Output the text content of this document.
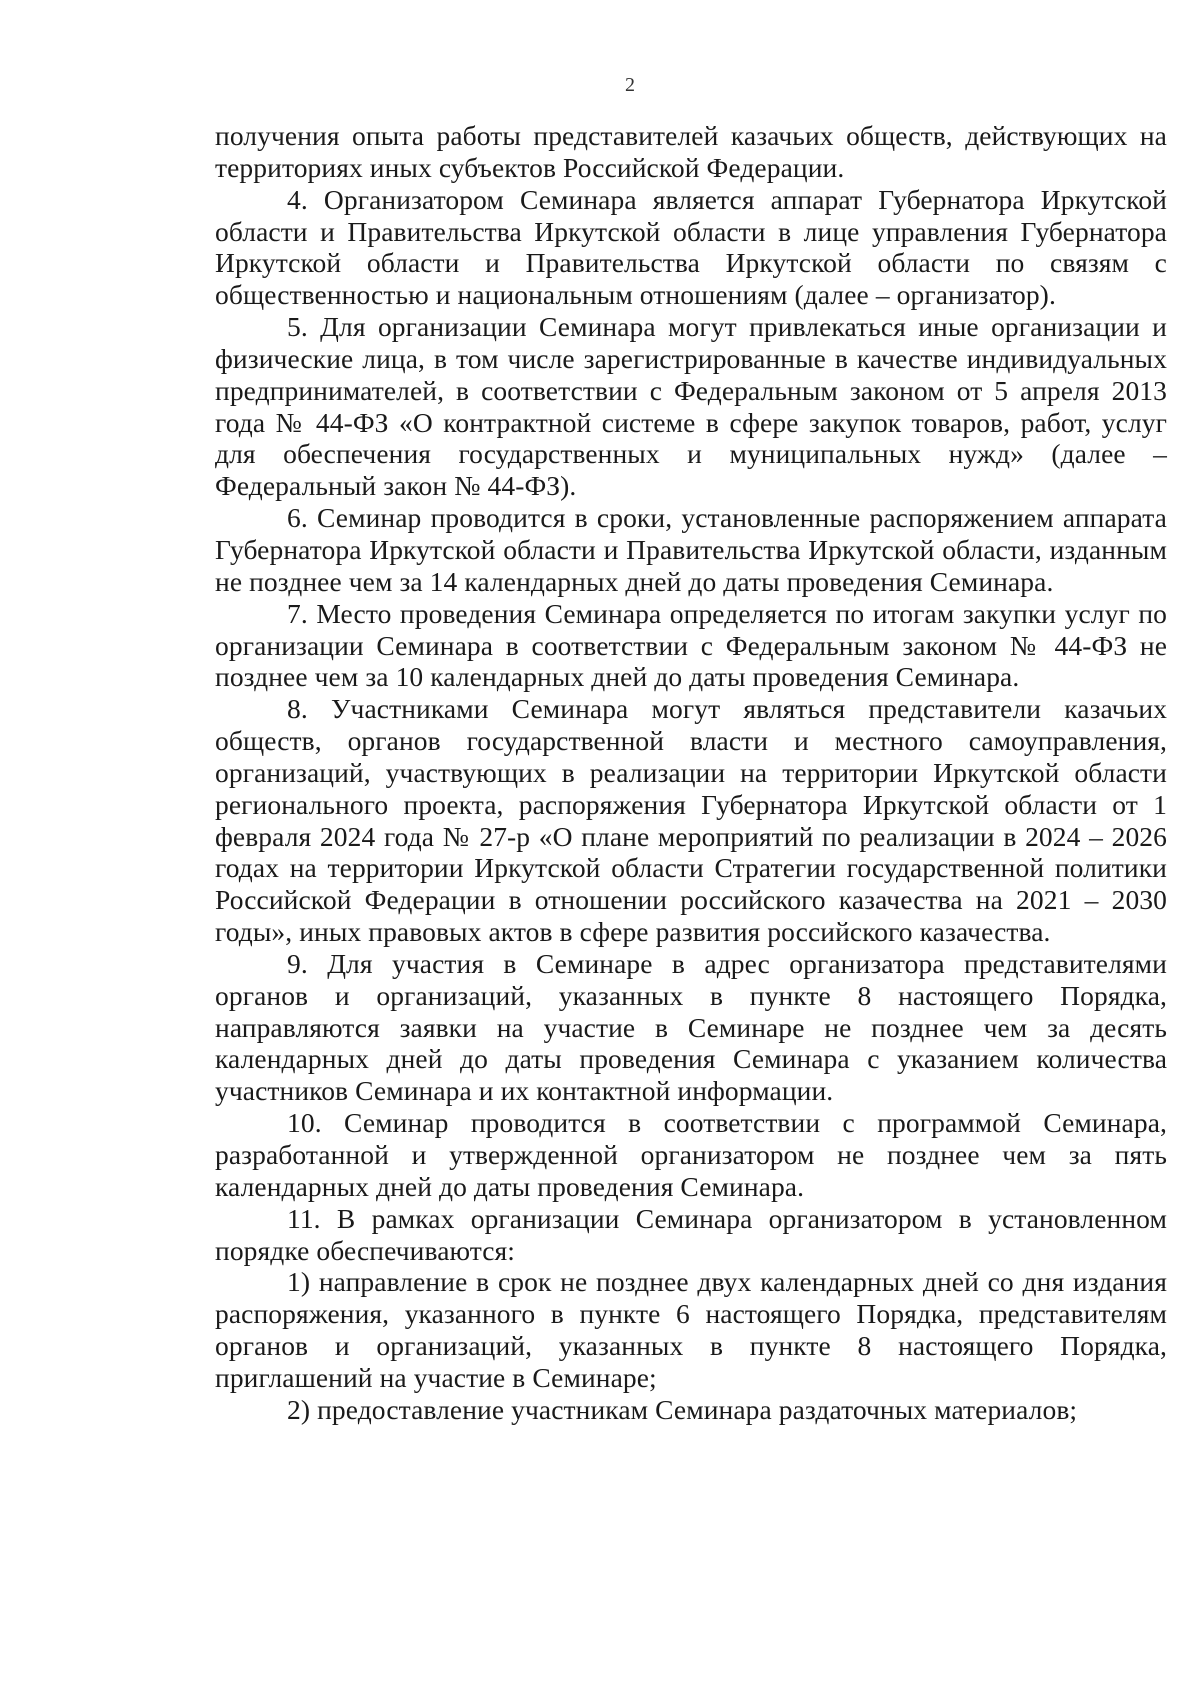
2

получения опыта работы представителей казачьих обществ, действующих на территориях иных субъектов Российской Федерации.

4. Организатором Семинара является аппарат Губернатора Иркутской области и Правительства Иркутской области в лице управления Губернатора Иркутской области и Правительства Иркутской области по связям с общественностью и национальным отношениям (далее – организатор).

5. Для организации Семинара могут привлекаться иные организации и физические лица, в том числе зарегистрированные в качестве индивидуальных предпринимателей, в соответствии с Федеральным законом от 5 апреля 2013 года № 44-ФЗ «О контрактной системе в сфере закупок товаров, работ, услуг для обеспечения государственных и муниципальных нужд» (далее – Федеральный закон № 44-ФЗ).

6. Семинар проводится в сроки, установленные распоряжением аппарата Губернатора Иркутской области и Правительства Иркутской области, изданным не позднее чем за 14 календарных дней до даты проведения Семинара.

7. Место проведения Семинара определяется по итогам закупки услуг по организации Семинара в соответствии с Федеральным законом № 44-ФЗ не позднее чем за 10 календарных дней до даты проведения Семинара.

8. Участниками Семинара могут являться представители казачьих обществ, органов государственной власти и местного самоуправления, организаций, участвующих в реализации на территории Иркутской области регионального проекта, распоряжения Губернатора Иркутской области от 1 февраля 2024 года № 27-р «О плане мероприятий по реализации в 2024 – 2026 годах на территории Иркутской области Стратегии государственной политики Российской Федерации в отношении российского казачества на 2021 – 2030 годы», иных правовых актов в сфере развития российского казачества.

9. Для участия в Семинаре в адрес организатора представителями органов и организаций, указанных в пункте 8 настоящего Порядка, направляются заявки на участие в Семинаре не позднее чем за десять календарных дней до даты проведения Семинара с указанием количества участников Семинара и их контактной информации.

10. Семинар проводится в соответствии с программой Семинара, разработанной и утвержденной организатором не позднее чем за пять календарных дней до даты проведения Семинара.

11. В рамках организации Семинара организатором в установленном порядке обеспечиваются:

1) направление в срок не позднее двух календарных дней со дня издания распоряжения, указанного в пункте 6 настоящего Порядка, представителям органов и организаций, указанных в пункте 8 настоящего Порядка, приглашений на участие в Семинаре;

2) предоставление участникам Семинара раздаточных материалов;
